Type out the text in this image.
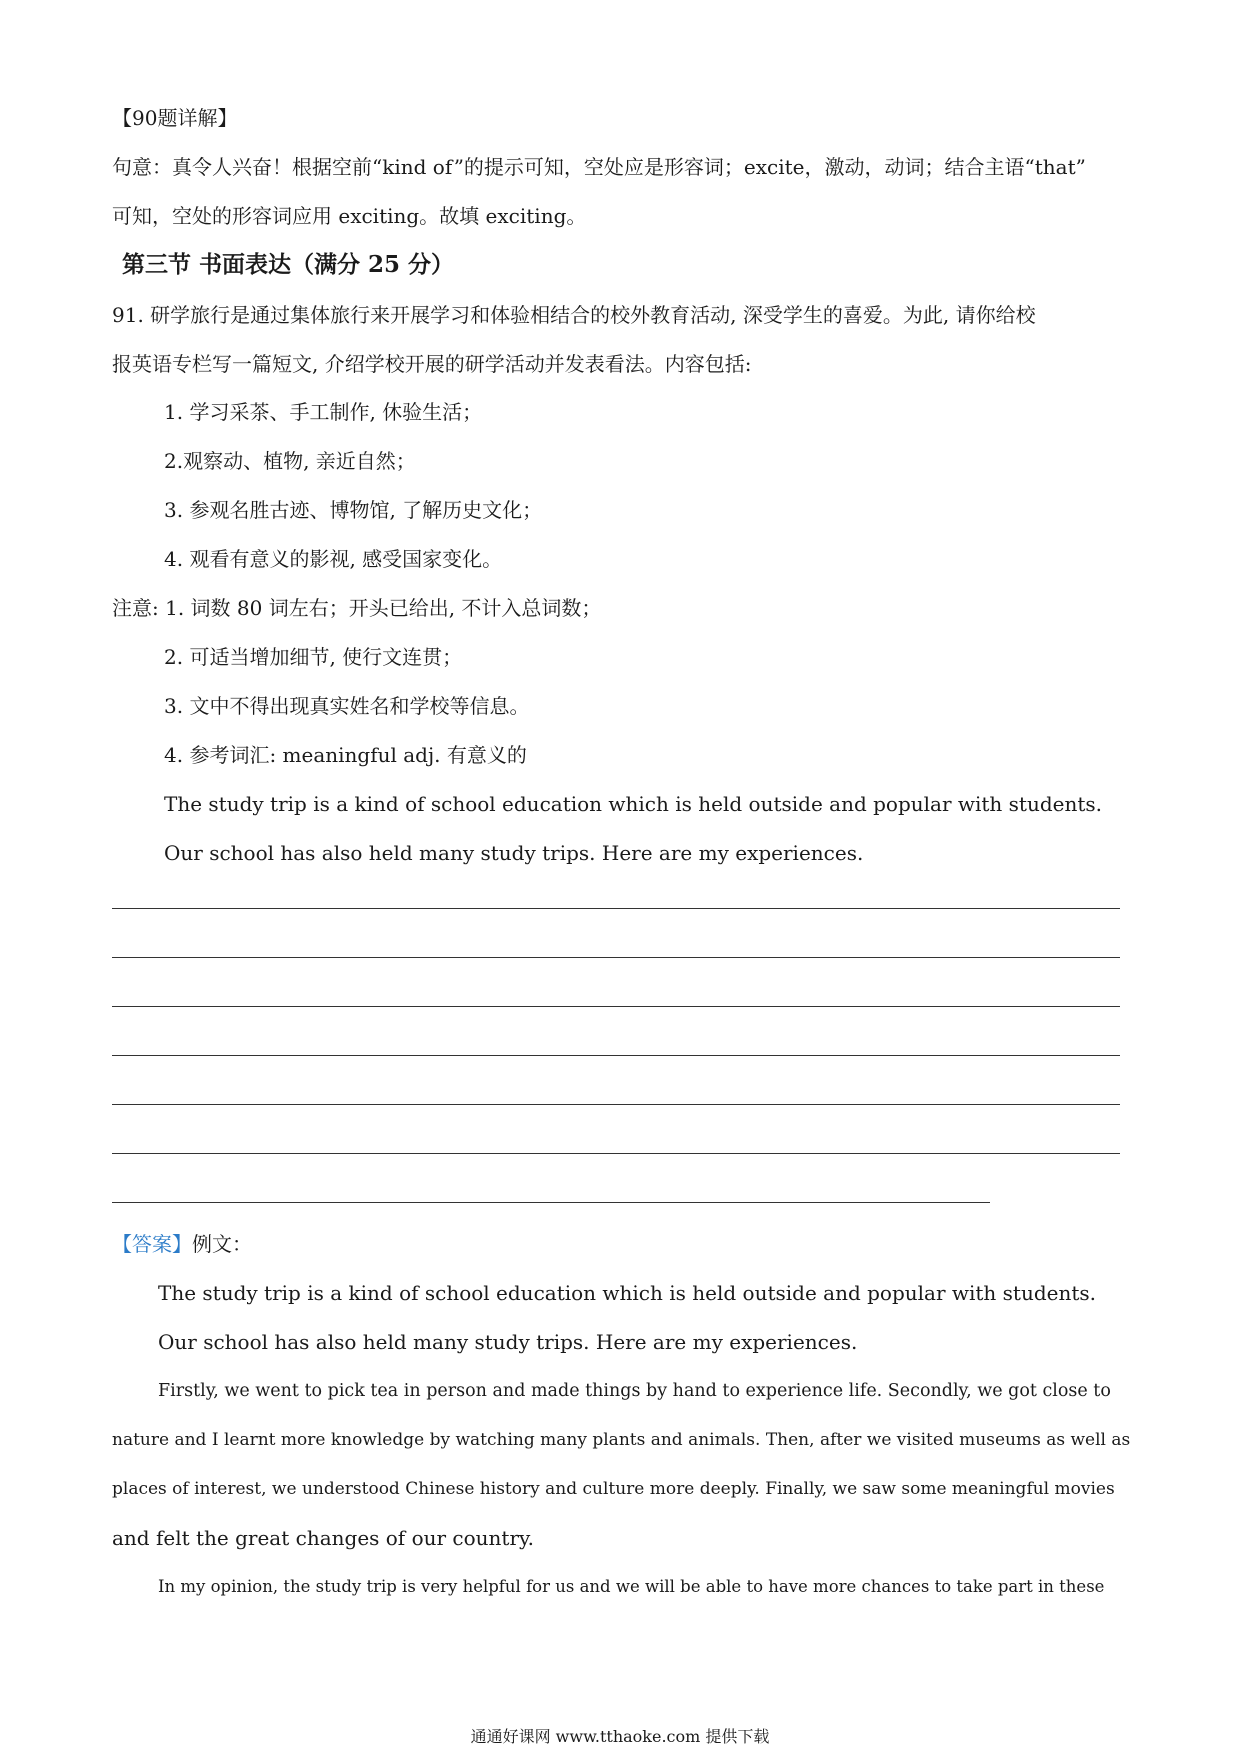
【90题详解】
句意：真令人兴奋！根据空前“kind of”的提示可知，空处应是形容词；excite，激动，动词；结合主语“that”
可知，空处的形容词应用 exciting。故填 exciting。
第三节 书面表达（满分 25 分）
91. 研学旅行是通过集体旅行来开展学习和体验相结合的校外教育活动, 深受学生的喜爱。为此, 请你给校
报英语专栏写一篇短文, 介绍学校开展的研学活动并发表看法。内容包括:
1. 学习采茶、手工制作, 休验生活；
2.观察动、植物, 亲近自然；
3. 参观名胜古迹、博物馆, 了解历史文化；
4. 观看有意义的影视, 感受国家变化。
注意: 1. 词数 80 词左右；开头已给出, 不计入总词数；
2. 可适当增加细节, 使行文连贯；
3. 文中不得出现真实姓名和学校等信息。
4. 参考词汇: meaningful adj. 有意义的
The study trip is a kind of school education which is held outside and popular with students.
Our school has also held many study trips. Here are my experiences.
【答案】例文：
The study trip is a kind of school education which is held outside and popular with students.
Our school has also held many study trips. Here are my experiences.
Firstly, we went to pick tea in person and made things by hand to experience life. Secondly, we got close to
nature and I learnt more knowledge by watching many plants and animals. Then, after we visited museums as well as
places of interest, we understood Chinese history and culture more deeply. Finally, we saw some meaningful movies
and felt the great changes of our country.
In my opinion, the study trip is very helpful for us and we will be able to have more chances to take part in these
通通好课网 www.tthaoke.com 提供下载
